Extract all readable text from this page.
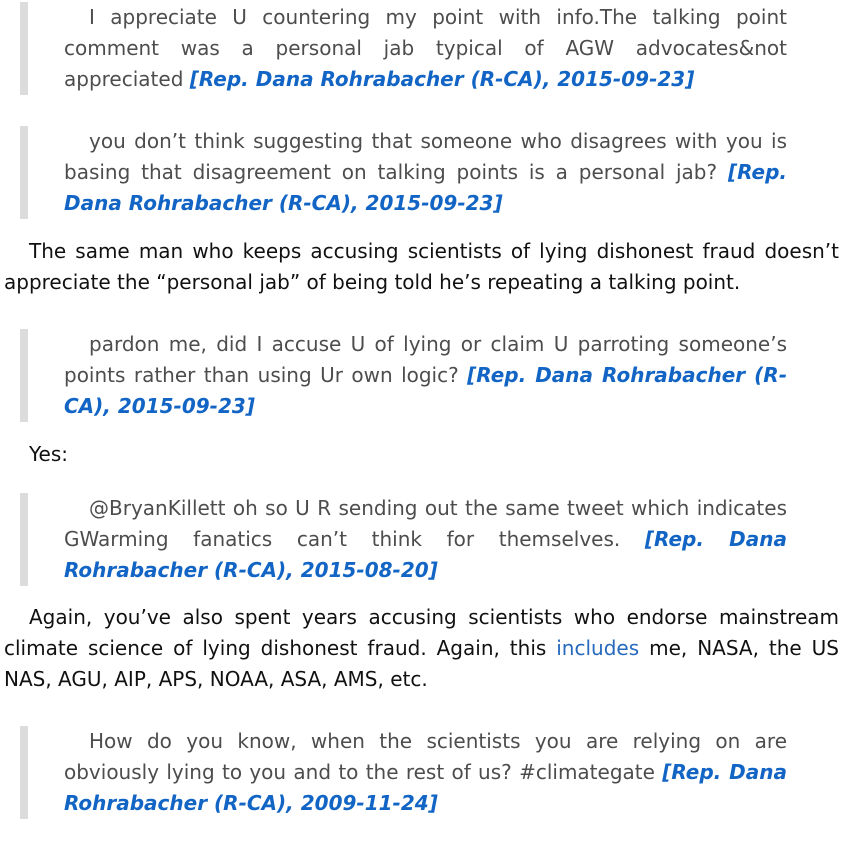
I appreciate U countering my point with info.The talking point comment was a personal jab typical of AGW advocates&not appreciated [Rep. Dana Rohrabacher (R-CA), 2015-09-23]
you don’t think suggesting that someone who disagrees with you is basing that disagreement on talking points is a personal jab? [Rep. Dana Rohrabacher (R-CA), 2015-09-23]
The same man who keeps accusing scientists of lying dishonest fraud doesn’t appreciate the “personal jab” of being told he’s repeating a talking point.
pardon me, did I accuse U of lying or claim U parroting someone’s points rather than using Ur own logic? [Rep. Dana Rohrabacher (R-CA), 2015-09-23]
Yes:
@BryanKillett oh so U R sending out the same tweet which indicates GWarming fanatics can’t think for themselves. [Rep. Dana Rohrabacher (R-CA), 2015-08-20]
Again, you’ve also spent years accusing scientists who endorse mainstream climate science of lying dishonest fraud. Again, this includes me, NASA, the US NAS, AGU, AIP, APS, NOAA, ASA, AMS, etc.
How do you know, when the scientists you are relying on are obviously lying to you and to the rest of us? #climategate [Rep. Dana Rohrabacher (R-CA), 2009-11-24]
